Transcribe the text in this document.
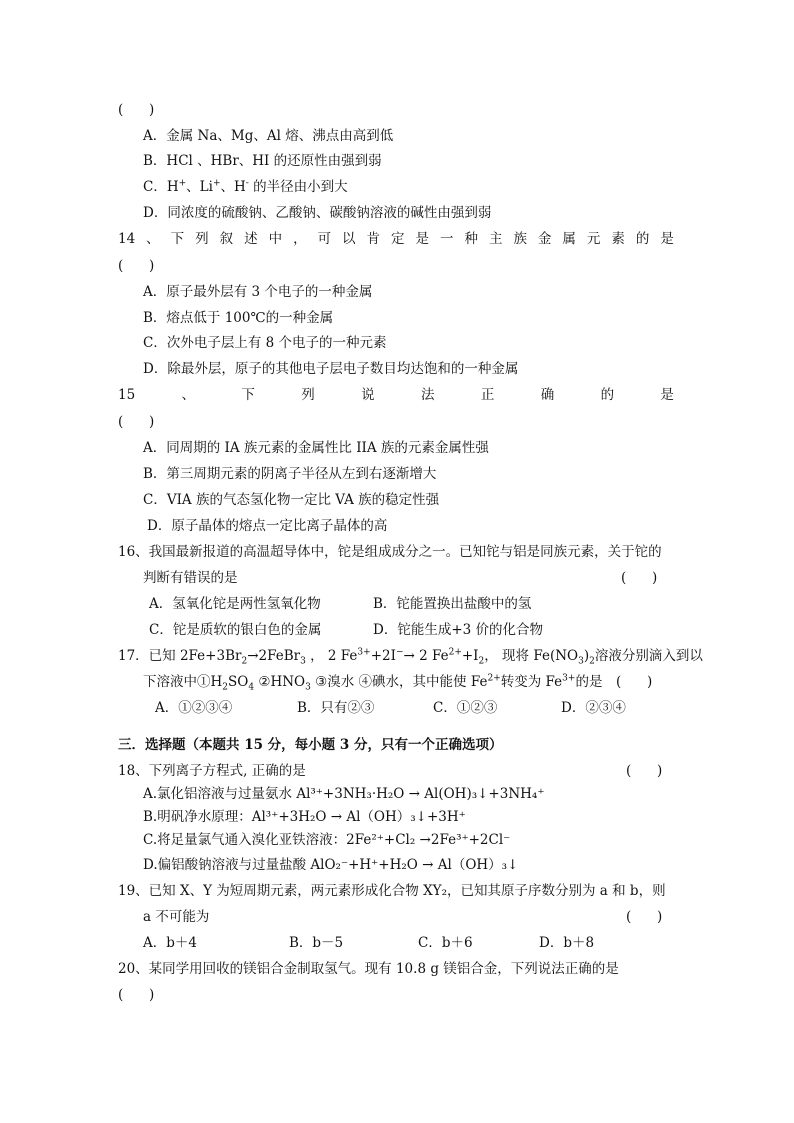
(      )
A．金属 Na、Mg、Al 熔、沸点由高到低
B．HCl 、HBr、HI 的还原性由强到弱
C．H+、Li+、H- 的半径由小到大
D．同浓度的硫酸钠、乙酸钠、碳酸钠溶液的碱性由强到弱
14 、 下 列 叙 述 中 ， 可 以 肯 定 是 一 种 主 族 金 属 元 素 的 是
(      )
A．原子最外层有 3 个电子的一种金属
B．熔点低于 100℃的一种金属
C．次外电子层上有 8 个电子的一种元素
D．除最外层，原子的其他电子层电子数目均达饱和的一种金属
15	、	下	列	说	法	正	确	的	是
(      )
A．同周期的 IA 族元素的金属性比 IIA 族的元素金属性强
B．第三周期元素的阴离子半径从左到右逐渐增大
C．VIA 族的气态氢化物一定比 VA 族的稳定性强
D．原子晶体的熔点一定比离子晶体的高
16、我国最新报道的高温超导体中，铊是组成成分之一。已知铊与铝是同族元素，关于铊的
判断有错误的是	(      )
A．氢氧化铊是两性氢氧化物	B．铊能置换出盐酸中的氢
C．铊是质软的银白色的金属	D．铊能生成+3 价的化合物
17．已知 $2Fe+3Br_2\to 2FeBr_3$ ， 2 $Fe^{3+}+2I^-\to 2$ $Fe^{2+}+I_2$， 现将 $Fe(NO_3)_2$溶液分别滴入到以
下溶液中$①H_2SO_4$ $②HNO_3$ ③溴水 ④碘水，其中能使 $Fe^{2+}$转变为 $Fe^{3+}$的是 (      )
A．①②③④	B．只有②③	C．①②③	D．②③④
三．选择题（本题共 15 分，每小题 3 分，只有一个正确选项）
18、下列离子方程式, 正确的是	(      )
A.氯化铝溶液与过量氨水 Al³⁺+3NH₃·H₂O → Al(OH)₃↓+3NH₄⁺
B.明矾净水原理：Al³⁺+3H₂O → Al（OH）₃↓+3H⁺
C.将足量氯气通入溴化亚铁溶液：2Fe²⁺+Cl₂ →2Fe³⁺+2Cl⁻
D.偏铝酸钠溶液与过量盐酸 AlO₂⁻+H⁺+H₂O → Al（OH）₃↓
19、已知 X、Y 为短周期元素，两元素形成化合物 XY₂，已知其原子序数分别为 a 和 b，则
a 不可能为	(      )
A．b＋4	B．b－5	C．b＋6	D．b＋8
20、某同学用回收的镁铝合金制取氢气。现有 10.8 g 镁铝合金，下列说法正确的是
(      )
